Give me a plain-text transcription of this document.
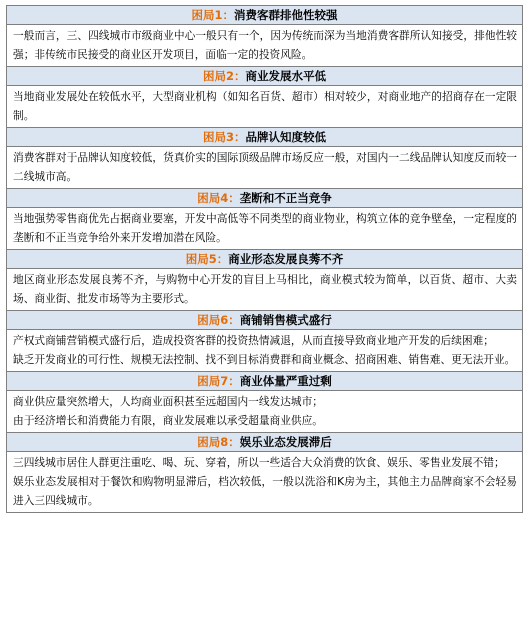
困局1：消费客群排他性较强

一般而言，三、四线城市市级商业中心一般只有一个，因为传统而深为当地消费客群所认知接受，排他性较强；非传统市民接受的商业区开发项目，面临一定的投资风险。

困局2：商业发展水平低

当地商业发展处在较低水平，大型商业机构（如知名百货、超市）相对较少，对商业地产的招商存在一定限制。

困局3：品牌认知度较低

消费客群对于品牌认知度较低，货真价实的国际顶级品牌市场反应一般，对国内一二线品牌认知度反而较一二线城市高。

困局4：垄断和不正当竞争

当地强势零售商优先占据商业要塞，开发中高低等不同类型的商业物业，构筑立体的竞争壁垒，一定程度的垄断和不正当竞争给外来开发增加潜在风险。

困局5：商业形态发展良莠不齐

地区商业形态发展良莠不齐，与购物中心开发的盲目上马相比，商业模式较为简单，以百货、超市、大卖场、商业街、批发市场等为主要形式。

困局6：商铺销售模式盛行

产权式商铺营销模式盛行后，造成投资客群的投资热情减退，从而直接导致商业地产开发的后续困难；

缺乏开发商业的可行性、规模无法控制、找不到目标消费群和商业概念、招商困难、销售难、更无法开业。

困局7：商业体量严重过剩

商业供应量突然增大，人均商业面积甚至远超国内一线发达城市；

由于经济增长和消费能力有限，商业发展难以承受超量商业供应。

困局8：娱乐业态发展滞后

三四线城市居住人群更注重吃、喝、玩、穿着，所以一些适合大众消费的饮食、娱乐、零售业发展不错；

娱乐业态发展相对于餐饮和购物明显滞后，档次较低，一般以洗浴和K房为主，其他主力品牌商家不会轻易进入三四线城市。
